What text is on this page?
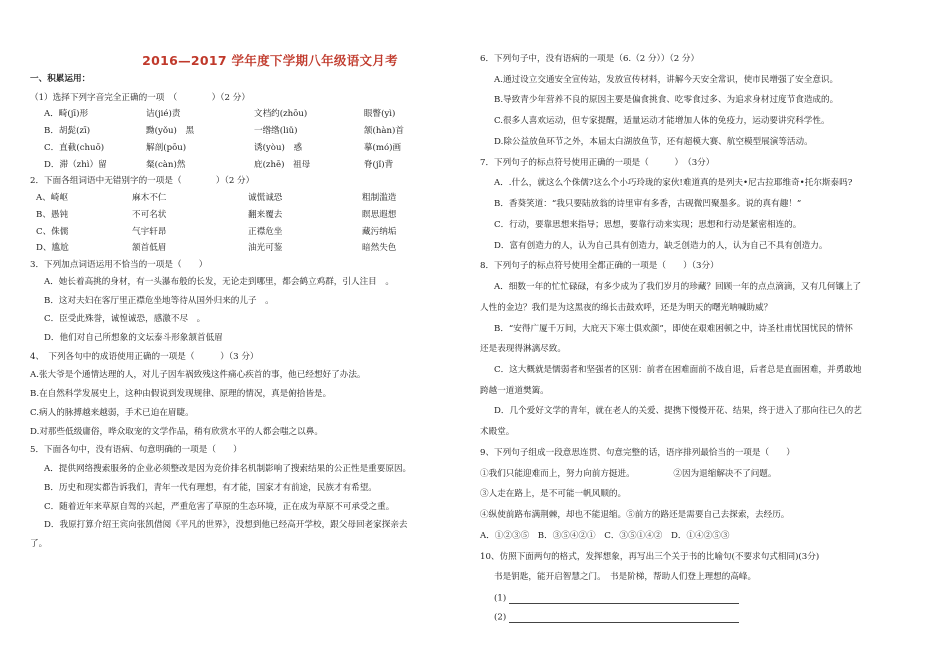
2016—2017 学年度下学期八年级语文月考
一、积累运用：

（1）选择下列字音完全正确的一项　（　　　　）（2 分）

A．畸(jī)形	诘(jié)责	文档约(zhōu)	眼瞥(yì)
B．胡髭(zī)	黝(yǒu)　黑	一绺绺(liǔ)	颔(hàn)首
C．直截(chuō)	解剖(pōu)	诱(yòu)　惑	摹(mó)画
D．滞（zhì）留	粲(càn)然	庇(zhē)　祖母	脊(jǐ)背

2．下面各组词语中无错别字的一项是（　　　　）（2 分）

A、崎岖	麻木不仁	诚慌诚恐	粗制滥造
B、愚钝	不可名状	翻来覆去	瞑思遐想
C、侏儒	气宇轩昂	正襟危坐	藏污纳垢
D、尴尬	颔首低眉	油光可鉴	暗然失色

3．下列加点词语运用不恰当的一项是（　　）

A．她长着高挑的身材，有一头瀑布般的长发，无论走到哪里，都会鹤立鸡群，引人注目　。

B．这对夫妇在客厅里正襟危坐地等待从国外归来的儿子　。

C．臣受此殊誉，诚惶诚恐，感激不尽　。

D．他们对自己所想象的文坛泰斗形象颔首低眉

4、　下列各句中的成语使用正确的一项是（　　　）（3 分）

A.张大爷是个通情达理的人，对儿子因车祸致残这件痛心疾首的事，他已经想好了办法。

B.在自然科学发展史上，这种由假说到发现规律、原理的情况，真是俯拾皆是。

C.病人的脉搏越来越弱，手术已迫在眉睫。

D.对那些低级庸俗，哗众取宠的文学作品，稍有欣赏水平的人都会嗤之以鼻。

5．下面各句中，没有语病、句意明确的一项是（　　）

A．提供网络搜索服务的企业必须整改是因为竞价排名机制影响了搜索结果的公正性是重要原因。

B．历史和现实都告诉我们，青年一代有理想，有才能，国家才有前途，民族才有希望。

C．随着近年来草原自驾的兴起，严重危害了草原的生态环境，正在成为草原不可承受之重。

D．我原打算介绍王宾向张凯借阅《平凡的世界》，没想到他已经高开学校，跟父母回老家探亲去

了。

6．下列句子中，没有语病的一项是（6.（2 分））（2 分）

A.通过设立交通安全宣传站，发放宣传材料，讲解今天安全常识，使市民增强了安全意识。

B.导致青少年营养不良的原因主要是偏食挑食、吃零食过多、为追求身材过度节食造成的。

C.很多人喜欢运动，但专家提醒，适量运动才能增加人体的免疫力，运动要讲究科学性。

D.除公益放鱼环节之外，本届太白湖放鱼节，还有超模大赛、航空模型展演等活动。

7．下列句子的标点符号使用正确的一项是（　　　）　（3分）

A．.什么，就这么个侏儒?这么个小巧玲珑的家伙!难道真的是列夫•尼古拉耶维奇•托尔斯泰吗?

B．香葵笑道：“我只要陆放翁的诗里审有多香，古砚微凹聚墨多。说的真有趣！”

C．行动，要靠思想来指导；思想，要靠行动来实现；思想和行动是紧密相连的。

D．富有创造力的人，认为自己具有创造力，缺乏创造力的人，认为自己不具有创造力。

8．下列句子的标点符号使用全都正确的一项是（　　）（3分）

A．细数一年的忙忙碌碌，有多少成为了我们岁月的珍藏？回顾一年的点点滴滴，又有几何镶上了

人性的金边？我们是为这黑夜的绵长击鼓欢呼，还是为明天的曙光呐喊助威？

B．“安得广厦千万间，大庇天下寒士俱欢颜”，即使在艰难困顿之中，诗圣杜甫忧国忧民的情怀

还是表现得淋漓尽致。

C．这大概就是懦弱者和坚强者的区别：前者在困难面前不战自退，后者总是直面困难，并勇敢地

跨越一道道樊篱。

D．几个爱好文学的青年，就在老人的关爱、提携下慢慢开花、结果，终于进入了那向往已久的艺

术殿堂。

9、下列句子组成一段意思连贯、句意完整的话，语序排列最恰当的一项是（　　）

①我们只能迎难而上，努力向前方挺进。　　　　　②因为退缩解决不了问题。

③人走在路上，是不可能一帆风顺的。

④纵使前路布满荆棘，却也不能退缩。⑤前方的路还是需要自己去探索，去经历。

A．①②③⑤　B．③⑤④②①　C．③⑤①④②　D．①④②⑤③

10、仿照下面两句的格式，发挥想象，再写出三个关于书的比喻句(不要求句式相同)(3分)

书是钥匙，能开启智慧之门。　书是阶梯，帮助人们登上理想的高峰。

(1)

(2)
